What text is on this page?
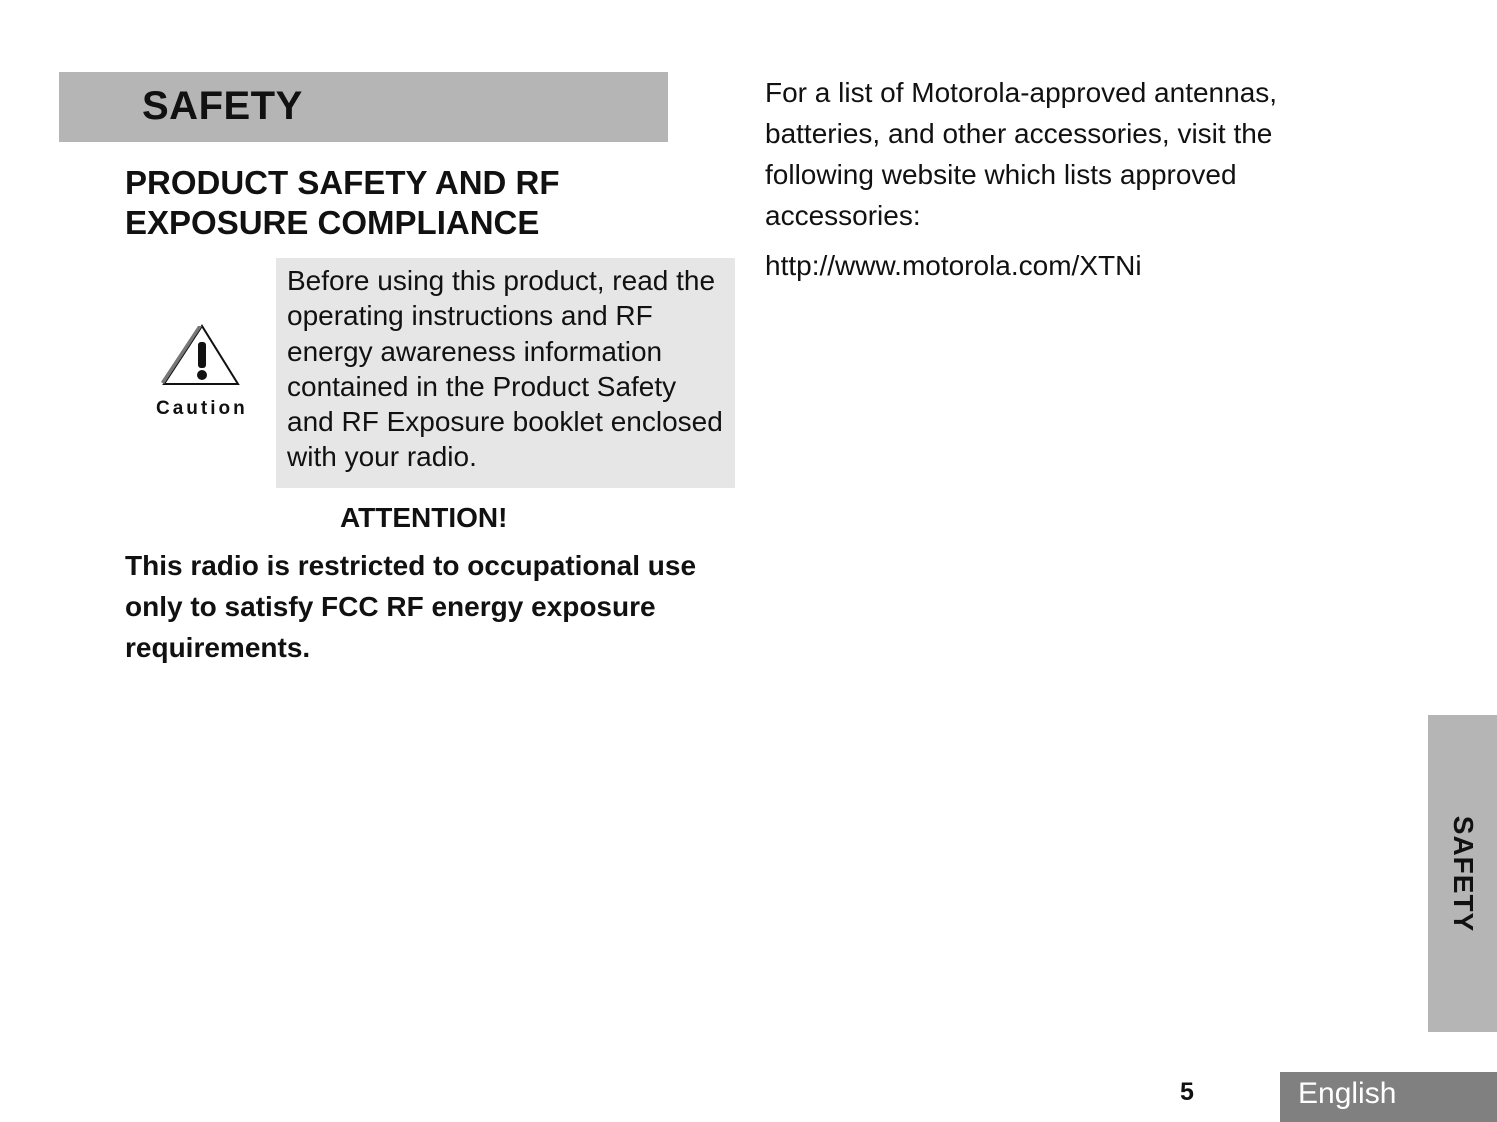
SAFETY
PRODUCT SAFETY AND RF EXPOSURE COMPLIANCE
Caution
Before using this product, read the operating instructions and RF energy awareness information contained in the Product Safety and RF Exposure booklet enclosed with your radio.
ATTENTION!
This radio is restricted to occupational use only to satisfy FCC RF energy exposure requirements.
For a list of Motorola-approved antennas, batteries, and other accessories, visit the following website which lists approved accessories:
http://www.motorola.com/XTNi
SAFETY
5	English
